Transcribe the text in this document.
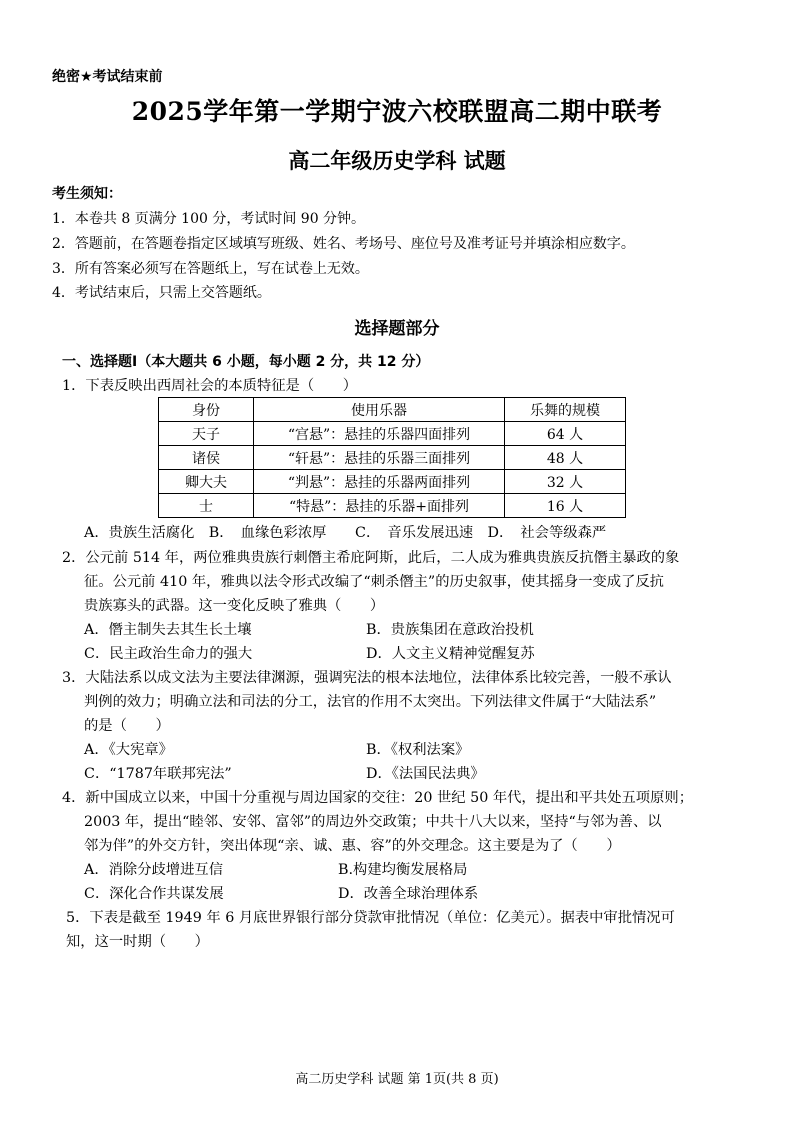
绝密★考试结束前
2025学年第一学期宁波六校联盟高二期中联考
高二年级历史学科 试题
考生须知：
1．本卷共 8 页满分 100 分，考试时间 90 分钟。
2．答题前，在答题卷指定区域填写班级、姓名、考场号、座位号及准考证号并填涂相应数字。
3．所有答案必须写在答题纸上，写在试卷上无效。
4．考试结束后，只需上交答题纸。
选择题部分
一、选择题Ⅰ（本大题共 6 小题，每小题 2 分，共 12 分）
1．下表反映出西周社会的本质特征是（　　）
身份	使用乐器	乐舞的规模
天子	“宫悬”：悬挂的乐器四面排列	64 人
诸侯	“轩悬”：悬挂的乐器三面排列	48 人
卿大夫	“判悬”：悬挂的乐器两面排列	32 人
士	“特悬”：悬挂的乐器+面排列	16 人
A．贵族生活腐化　B．　血缘色彩浓厚　　C．　音乐发展迅速　D．　社会等级森严
2．公元前 514 年，两位雅典贵族行刺僭主希庇阿斯，此后，二人成为雅典贵族反抗僭主暴政的象
征。公元前 410 年，雅典以法令形式改编了“刺杀僭主”的历史叙事，使其摇身一变成了反抗
贵族寡头的武器。这一变化反映了雅典（　　）
A．僭主制失去其生长土壤	B．贵族集团在意政治投机
C．民主政治生命力的强大	D．人文主义精神觉醒复苏
3．大陆法系以成文法为主要法律渊源，强调宪法的根本法地位，法律体系比较完善，一般不承认
判例的效力；明确立法和司法的分工，法官的作用不太突出。下列法律文件属于“大陆法系”
的是（　　）
A．《大宪章》	B．《权利法案》
C．“1787年联邦宪法”	D．《法国民法典》
4．新中国成立以来，中国十分重视与周边国家的交往：20 世纪 50 年代，提出和平共处五项原则；
2003 年，提出“睦邻、安邻、富邻”的周边外交政策；中共十八大以来，坚持“与邻为善、以
邻为伴”的外交方针，突出体现“亲、诚、惠、容”的外交理念。这主要是为了（　　）
A．消除分歧增进互信	B.构建均衡发展格局
C．深化合作共谋发展	D．改善全球治理体系
5．下表是截至 1949 年 6 月底世界银行部分贷款审批情况（单位：亿美元）。据表中审批情况可
知，这一时期（　　）
高二历史学科 试题 第 1页(共 8 页)
